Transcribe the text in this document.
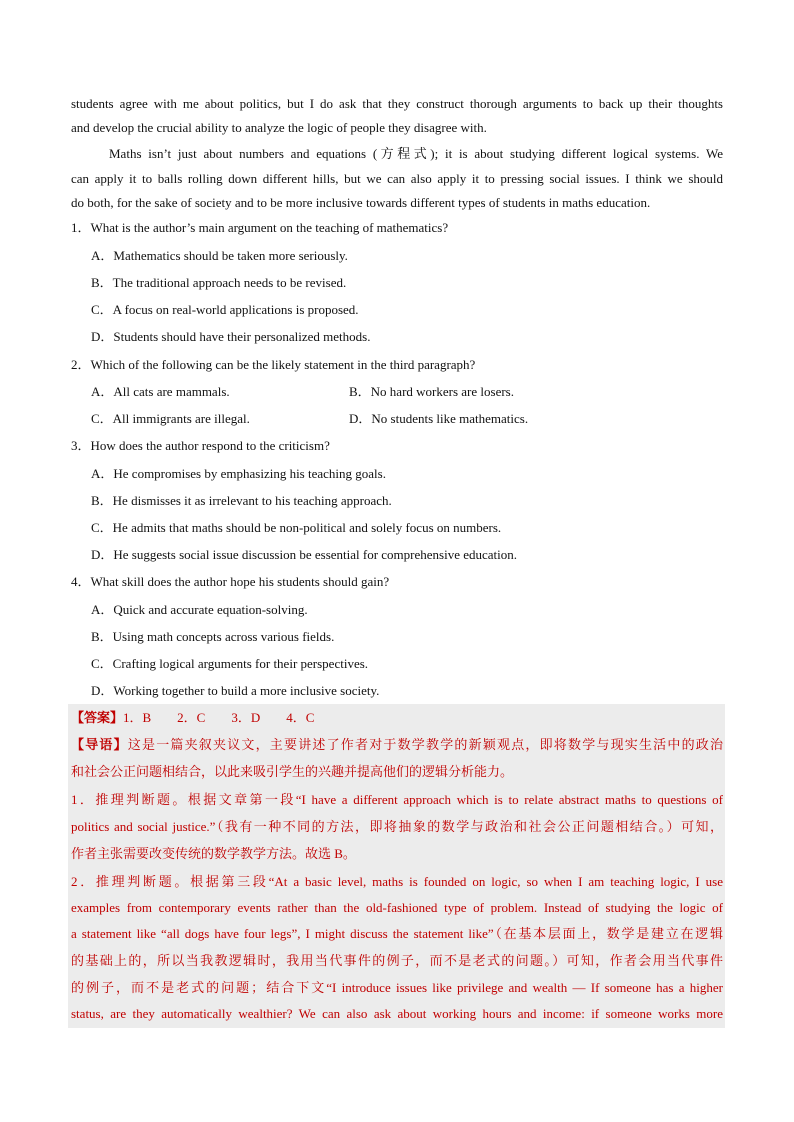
students agree with me about politics, but I do ask that they construct thorough arguments to back up their thoughts
and develop the crucial ability to analyze the logic of people they disagree with.
Maths isn’t just about numbers and equations (方程式); it is about studying different logical systems. We
can apply it to balls rolling down different hills, but we can also apply it to pressing social issues. I think we should
do both, for the sake of society and to be more inclusive towards different types of students in maths education.
1．What is the author’s main argument on the teaching of mathematics?
A．Mathematics should be taken more seriously.
B．The traditional approach needs to be revised.
C．A focus on real-world applications is proposed.
D．Students should have their personalized methods.
2．Which of the following can be the likely statement in the third paragraph?
A．All cats are mammals.	B．No hard workers are losers.
C．All immigrants are illegal.	D．No students like mathematics.
3．How does the author respond to the criticism?
A．He compromises by emphasizing his teaching goals.
B．He dismisses it as irrelevant to his teaching approach.
C．He admits that maths should be non-political and solely focus on numbers.
D．He suggests social issue discussion be essential for comprehensive education.
4．What skill does the author hope his students should gain?
A．Quick and accurate equation-solving.
B．Using math concepts across various fields.
C．Crafting logical arguments for their perspectives.
D．Working together to build a more inclusive society.
【答案】1．B　　2．C　　3．D　　4．C
【导语】这是一篇夹叙夹议文，主要讲述了作者对于数学教学的新颖观点，即将数学与现实生活中的政治
和社会公正问题相结合，以此来吸引学生的兴趣并提高他们的逻辑分析能力。
1．推理判断题。根据文章第一段“I have a different approach which is to relate abstract maths to questions of
politics and social justice.”（我有一种不同的方法，即将抽象的数学与政治和社会公正问题相结合。）可知，
作者主张需要改变传统的数学教学方法。故选 B。
2．推理判断题。根据第三段“At a basic level, maths is founded on logic, so when I am teaching logic, I use
examples from contemporary events rather than the old-fashioned type of problem. Instead of studying the logic of
a statement like “all dogs have four legs”, I might discuss the statement like”（在基本层面上，数学是建立在逻辑
的基础上的，所以当我教逻辑时，我用当代事件的例子，而不是老式的问题。）可知，作者会用当代事件
的例子，而不是老式的问题；结合下文“I introduce issues like privilege and wealth — If someone has a higher
status, are they automatically wealthier? We can also ask about working hours and income: if someone works more
